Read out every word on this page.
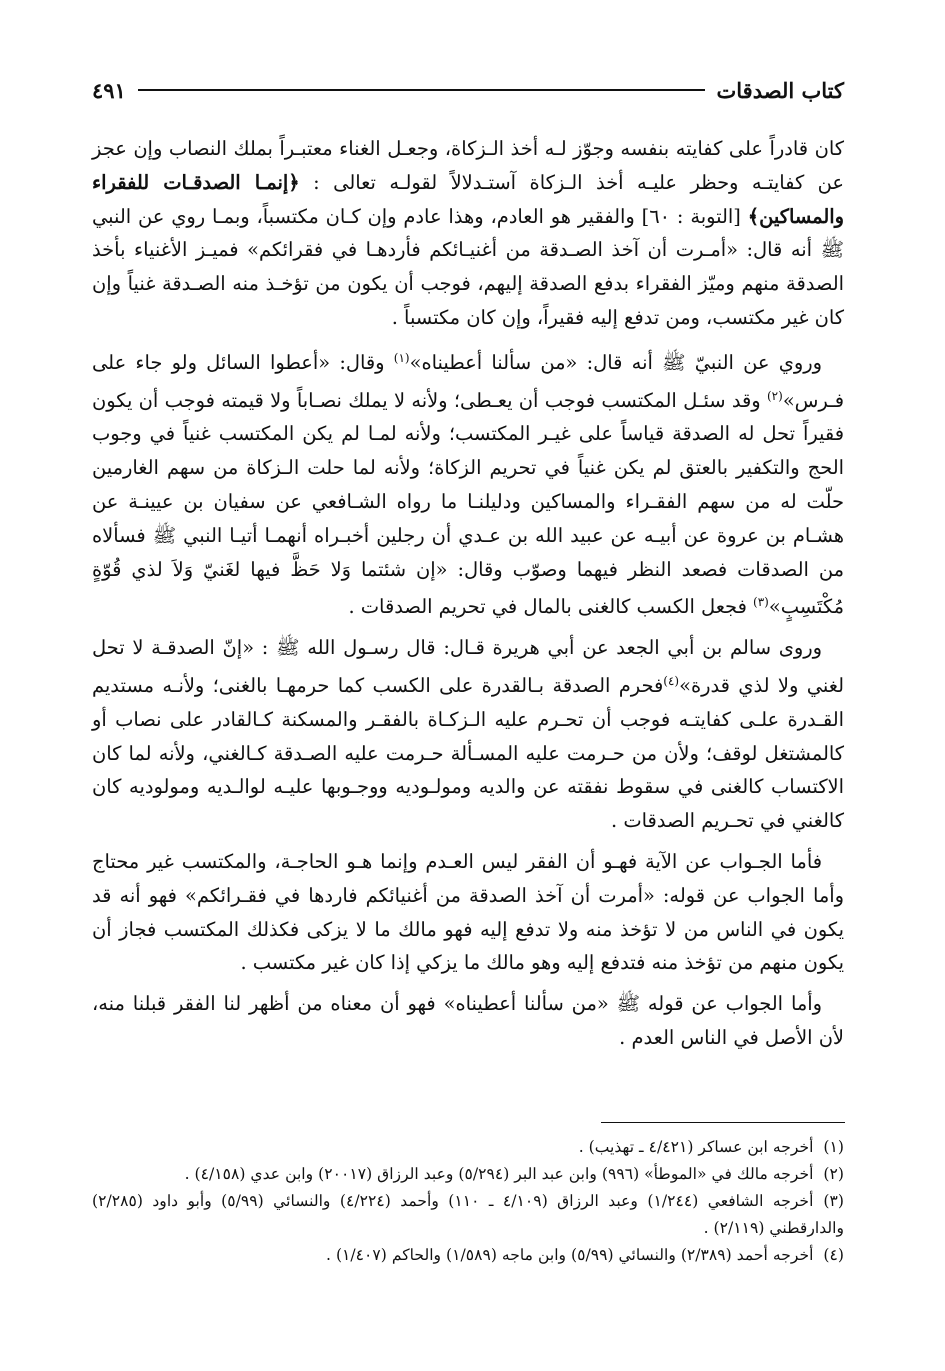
كتاب الصدقات
٤٩١

كان قادراً على كفايته بنفسه وجوّز لـه أخذ الـزكاة، وجعـل الغناء معتبـراً بملك النصاب وإن عجز عن كفايتـه وحظر عليـه أخذ الـزكاة آستـدلالاً لقولـه تعالى : ﴿إنمـا الصدقـات للفقراء والمساكين﴾ [التوبة : ٦٠] والفقير هو العادم، وهذا عادم وإن كـان مكتسباً، وبمـا روي عن النبي ﷺ أنه قال: «أمـرت أن آخذ الصـدقة من أغنيـائكم فأردهـا في فقرائكم» فميـز الأغنياء بأخذ الصدقة منهم وميّز الفقراء بدفع الصدقة إليهم، فوجب أن يكون من تؤخـذ منه الصـدقة غنياً وإن كان غير مكتسب، ومن تدفع إليه فقيراً، وإن كان مكتسباً .

وروي عن النبيّ ﷺ أنه قال: «من سألنا أعطيناه»$^{(١)}$ وقال: «أعطوا السائل ولو جاء على فـرس»$^{(٢)}$ وقد سئـل المكتسب فوجب أن يعـطى؛ ولأنه لا يملك نصـاباً ولا قيمته فوجب أن يكون فقيراً تحل له الصدقة قياساً على غيـر المكتسب؛ ولأنه لمـا لم يكن المكتسب غنياً في وجوب الحج والتكفير بالعتق لم يكن غنياً في تحريم الزكاة؛ ولأنه لما حلت الـزكاة من سهم الغارمين حلّت له من سهم الفقـراء والمساكين ودليلنـا ما رواه الشـافعي عن سفيان بن عيينـة عن هشـام بن عروة عن أبيـه عن عبيد الله بن عـدي أن رجلين أخبـراه أنهمـا أتيـا النبي ﷺ فسألاه من الصدقات فصعد النظر فيهما وصوّب وقال: «إن شئتما وَلا حَظَّ فيها لغَنيّ وَلاَ لذي قُوّةٍ مُكْتَسِبٍ»$^{(٣)}$ فجعل الكسب كالغنى بالمال في تحريم الصدقات .

وروى سالم بن أبي الجعد عن أبي هريرة قـال: قال رسـول الله ﷺ : «إنّ الصدقـة لا تحل لغني ولا لذي قدرة»$^{(٤)}$فحرم الصدقة بـالقدرة على الكسب كما حرمهـا بالغنى؛ ولأنـه مستديم القـدرة علـى كفايتـه فوجب أن تحـرم عليه الـزكـاة بالفقـر والمسكنة كـالقادر على نصاب أو كالمشتغل لوقف؛ ولأن من حـرمت عليه المسـألة حـرمت عليه الصـدقة كـالغني، ولأنه لما كان الاكتساب كالغنى في سقوط نفقته عن والديه ومولـوديه ووجـوبها عليـه لوالـديه ومولوديه كان كالغني في تحـريم الصدقات .

فأما الجـواب عن الآية فهـو أن الفقر ليس العـدم وإنما هـو الحاجـة، والمكتسب غير محتاج وأما الجواب عن قوله: «أمرت أن آخذ الصدقة من أغنيائكم فاردها في فقـرائكم» فهو أنه قد يكون في الناس من لا تؤخذ منه ولا تدفع إليه فهو مالك ما لا يزكى فكذلك المكتسب فجاز أن يكون منهم من تؤخذ منه فتدفع إليه وهو مالك ما يزكي إذا كان غير مكتسب .

وأما الجواب عن قوله ﷺ «من سألنا أعطيناه» فهو أن معناه من أظهر لنا الفقر قبلنا منه، لأن الأصل في الناس العدم .

(١)أخرجه ابن عساكر (٤/٤٢١ ـ تهذيب) .

(٢)أخرجه مالك في «الموطأ» (٩٩٦) وابن عبد البر (٥/٢٩٤) وعبد الرزاق (٢٠٠١٧) وابن عدي (٤/١٥٨) .

(٣)أخرجه الشافعي (١/٢٤٤) وعبد الرزاق (٤/١٠٩ ـ ١١٠) وأحمد (٤/٢٢٤) والنسائي (٥/٩٩) وأبو داود (٢/٢٨٥) والدارقطني (٢/١١٩) .

(٤)أخرجه أحمد (٢/٣٨٩) والنسائي (٥/٩٩) وابن ماجه (١/٥٨٩) والحاكم (١/٤٠٧) .
